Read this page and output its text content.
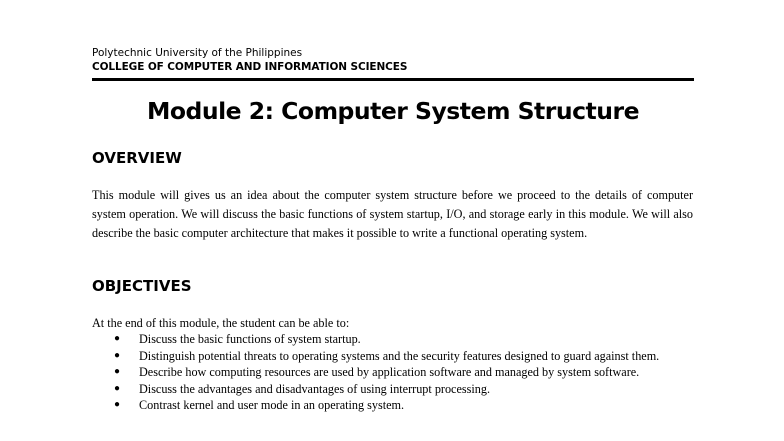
Polytechnic University of the Philippines
COLLEGE OF COMPUTER AND INFORMATION SCIENCES
Module 2: Computer System Structure
OVERVIEW
This module will gives us an idea about the computer system structure before we proceed to the details of computer system operation. We will discuss the basic functions of system startup, I/O, and storage early in this module. We will also describe the basic computer architecture that makes it possible to write a functional operating system.
OBJECTIVES
At the end of this module, the student can be able to:
● Discuss the basic functions of system startup.
● Distinguish potential threats to operating systems and the security features designed to guard against them.
● Describe how computing resources are used by application software and managed by system software.
● Discuss the advantages and disadvantages of using interrupt processing.
● Contrast kernel and user mode in an operating system.
